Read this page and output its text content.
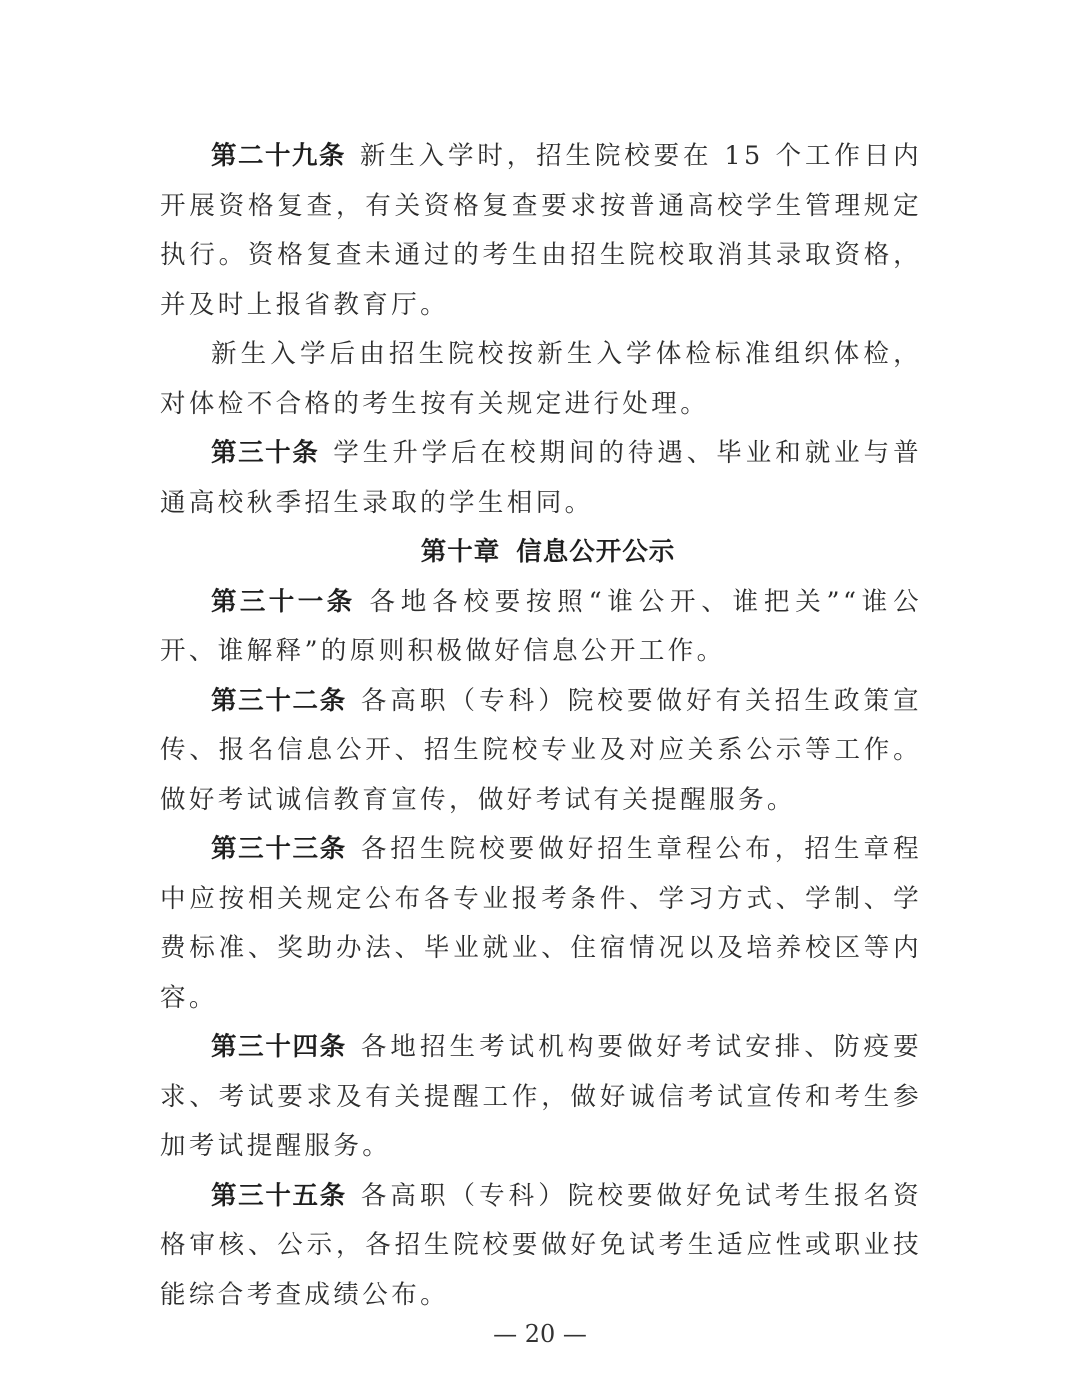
第二十九条 新生入学时，招生院校要在 15 个工作日内开展资格复查，有关资格复查要求按普通高校学生管理规定执行。资格复查未通过的考生由招生院校取消其录取资格，并及时上报省教育厅。

新生入学后由招生院校按新生入学体检标准组织体检，对体检不合格的考生按有关规定进行处理。

第三十条 学生升学后在校期间的待遇、毕业和就业与普通高校秋季招生录取的学生相同。

第十章 信息公开公示

第三十一条 各地各校要按照“谁公开、谁把关”“谁公开、谁解释”的原则积极做好信息公开工作。

第三十二条 各高职（专科）院校要做好有关招生政策宣传、报名信息公开、招生院校专业及对应关系公示等工作。做好考试诚信教育宣传，做好考试有关提醒服务。

第三十三条 各招生院校要做好招生章程公布，招生章程中应按相关规定公布各专业报考条件、学习方式、学制、学费标准、奖助办法、毕业就业、住宿情况以及培养校区等内容。

第三十四条 各地招生考试机构要做好考试安排、防疫要求、考试要求及有关提醒工作，做好诚信考试宣传和考生参加考试提醒服务。

第三十五条 各高职（专科）院校要做好免试考生报名资格审核、公示，各招生院校要做好免试考生适应性或职业技能综合考查成绩公布。

— 20 —
